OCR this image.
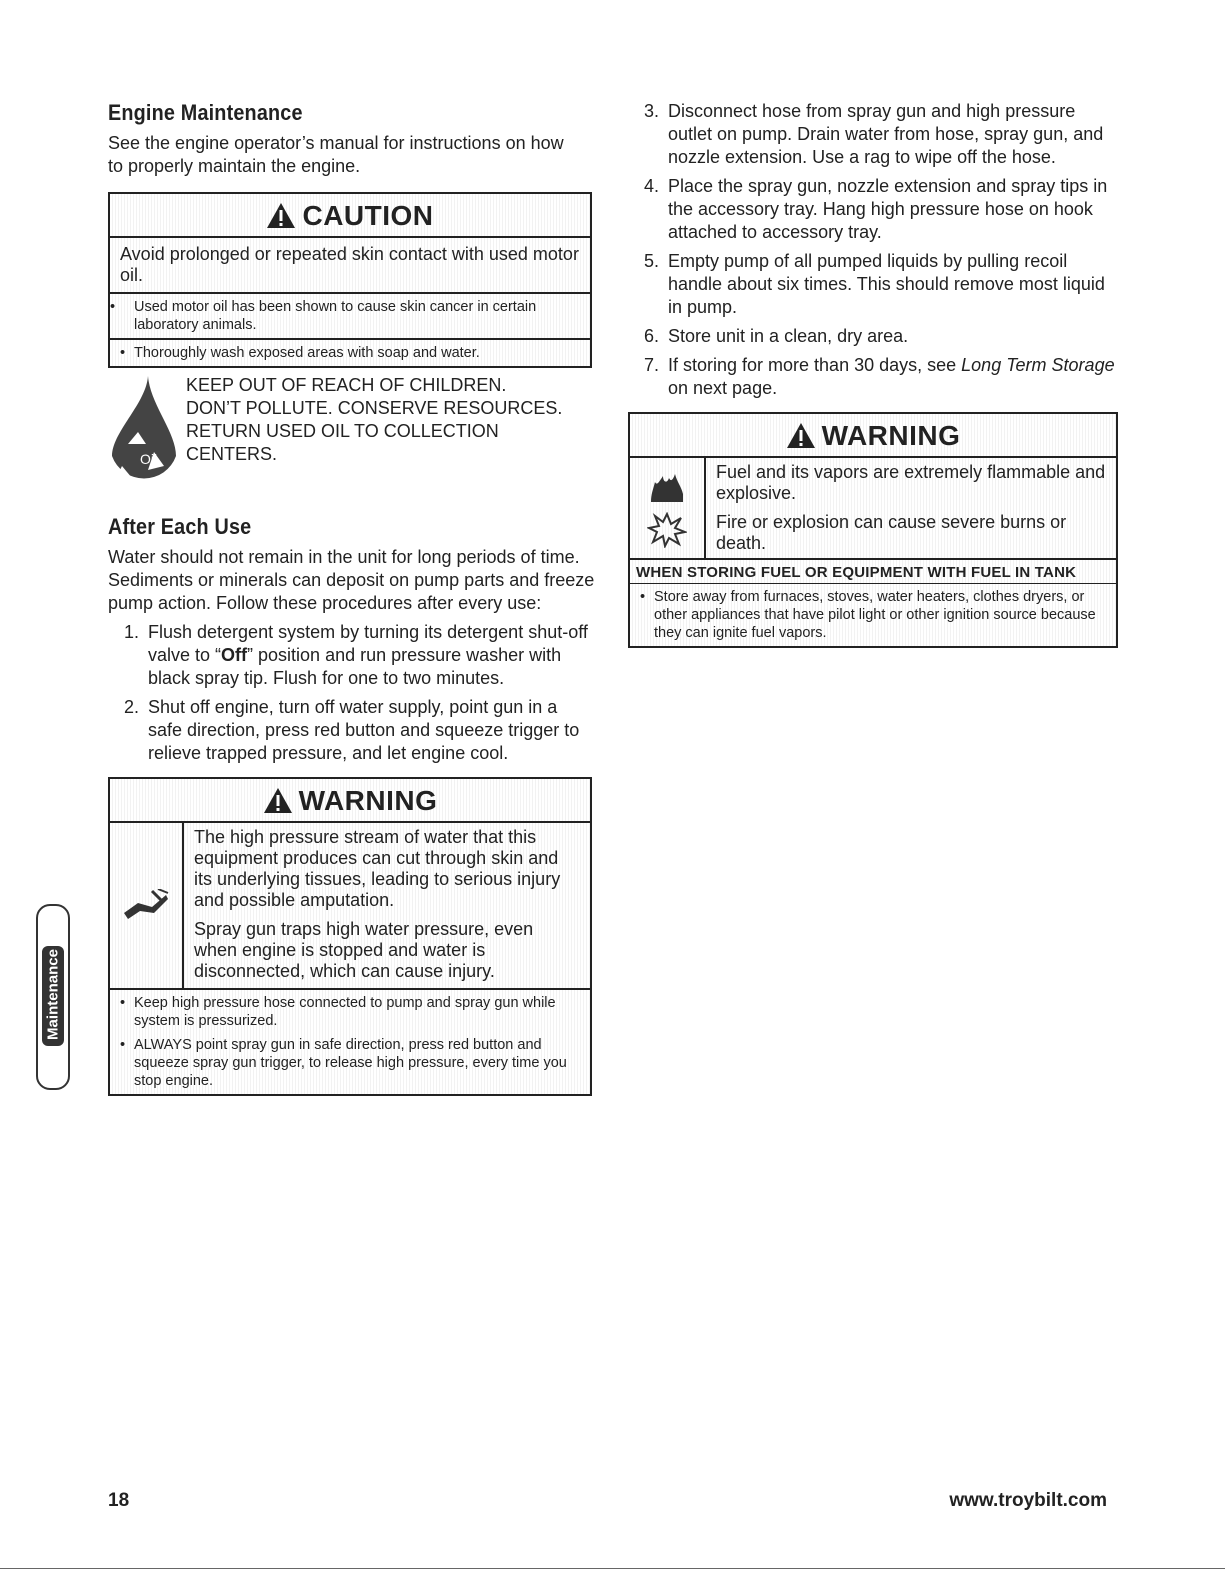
Engine Maintenance

See the engine operator’s manual for instructions on how to properly maintain the engine.

CAUTION
Avoid prolonged or repeated skin contact with used motor oil.
• Used motor oil has been shown to cause skin cancer in certain laboratory animals.
• Thoroughly wash exposed areas with soap and water.
Oil
KEEP OUT OF REACH OF CHILDREN. DON’T POLLUTE. CONSERVE RESOURCES. RETURN USED OIL TO COLLECTION CENTERS.
After Each Use

Water should not remain in the unit for long periods of time. Sediments or minerals can deposit on pump parts and freeze pump action. Follow these procedures after every use:

1. Flush detergent system by turning its detergent shut-off valve to “Off” position and run pressure washer with black spray tip. Flush for one to two minutes.
2. Shut off engine, turn off water supply, point gun in a safe direction, press red button and squeeze trigger to relieve trapped pressure, and let engine cool.
WARNING

The high pressure stream of water that this equipment produces can cut through skin and its underlying tissues, leading to serious injury and possible amputation.

Spray gun traps high water pressure, even when engine is stopped and water is disconnected, which can cause injury.

• Keep high pressure hose connected to pump and spray gun while system is pressurized.
• ALWAYS point spray gun in safe direction, press red button and squeeze spray gun trigger, to release high pressure, every time you stop engine.
3. Disconnect hose from spray gun and high pressure outlet on pump. Drain water from hose, spray gun, and nozzle extension. Use a rag to wipe off the hose.
4. Place the spray gun, nozzle extension and spray tips in the accessory tray. Hang high pressure hose on hook attached to accessory tray.
5. Empty pump of all pumped liquids by pulling recoil handle about six times. This should remove most liquid in pump.
6. Store unit in a clean, dry area.
7. If storing for more than 30 days, see Long Term Storage on next page.
WARNING

Fuel and its vapors are extremely flammable and explosive.

Fire or explosion can cause severe burns or death.

WHEN STORING FUEL OR EQUIPMENT WITH FUEL IN TANK
• Store away from furnaces, stoves, water heaters, clothes dryers, or other appliances that have pilot light or other ignition source because they can ignite fuel vapors.
Maintenance
18	www.troybilt.com
